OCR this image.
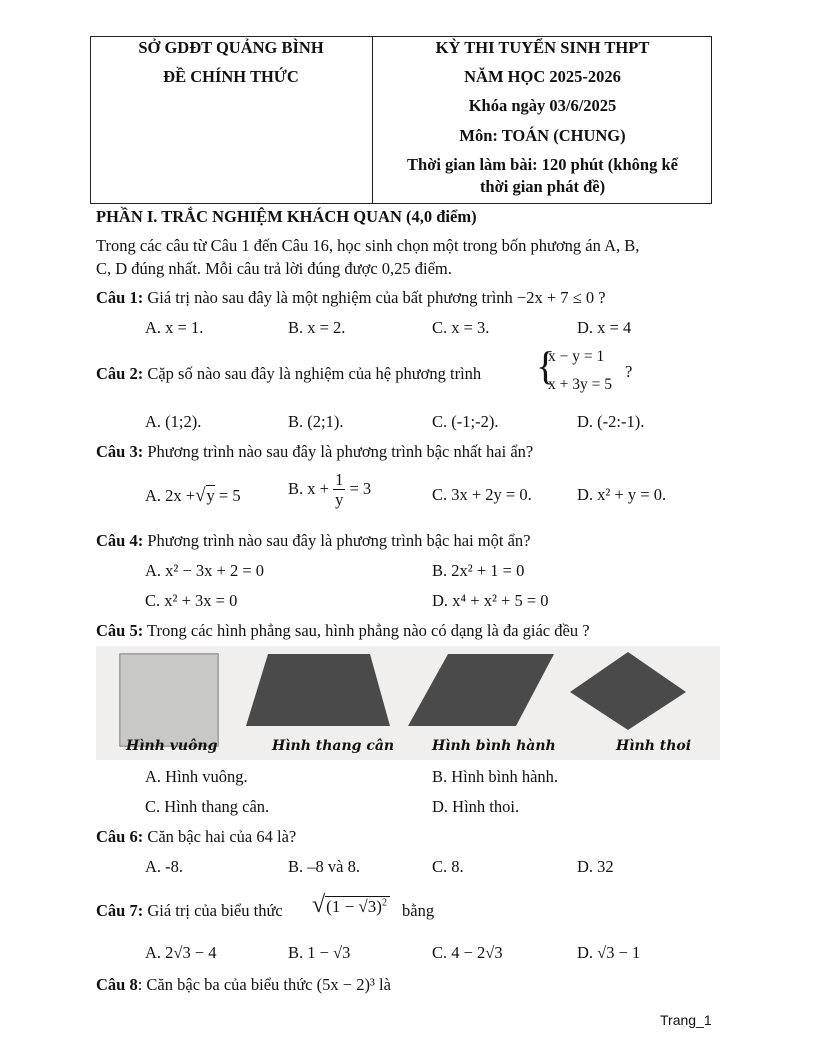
SỞ GDĐT QUẢNG BÌNH
ĐỀ CHÍNH THỨC
KỲ THI TUYỂN SINH THPT
NĂM HỌC 2025-2026
Khóa ngày 03/6/2025
Môn: TOÁN (CHUNG)
Thời gian làm bài: 120 phút (không kể
thời gian phát đề)
PHẦN I. TRẮC NGHIỆM KHÁCH QUAN (4,0 điểm)
Trong các câu từ Câu 1 đến Câu 16, học sinh chọn một trong bốn phương án A, B,
C, D đúng nhất. Mỗi câu trả lời đúng được 0,25 điểm.
Câu 1: Giá trị nào sau đây là một nghiệm của bất phương trình −2x + 7 ≤ 0 ?
A. x = 1.	B. x = 2.	C. x = 3.	D. x = 4
Câu 2: Cặp số nào sau đây là nghiệm của hệ phương trình {
x − y = 1
x + 3y = 5
?
A. (1;2).	B. (2;1).	C. (-1;-2).	D. (-2:-1).
Câu 3: Phương trình nào sau đây là phương trình bậc nhất hai ẩn?
A. 2x +√y = 5	B. $x + \frac{1}{y} = 3$	C. 3x + 2y = 0.	D. x² + y = 0.
Câu 4: Phương trình nào sau đây là phương trình bậc hai một ẩn?
A. x² − 3x + 2 = 0	B. 2x² + 1 = 0
C. x² + 3x = 0	D. x⁴ + x² + 5 = 0
Câu 5: Trong các hình phẳng sau, hình phẳng nào có dạng là đa giác đều ?
Hình vuông	Hình thang cân	Hình bình hành	Hình thoi
A. Hình vuông.	B. Hình bình hành.
C. Hình thang cân.	D. Hình thoi.
Câu 6: Căn bậc hai của 64 là?
A. -8.	B. –8 và 8.	C. 8.	D. 32
Câu 7: Giá trị của biểu thức $√(1 - √3)^2$ bằng
A. 2√3 − 4	B. 1 − √3	C. 4 − 2√3	D. √3 − 1
Câu 8: Căn bậc ba của biểu thức (5x − 2)³ là
Trang_1
